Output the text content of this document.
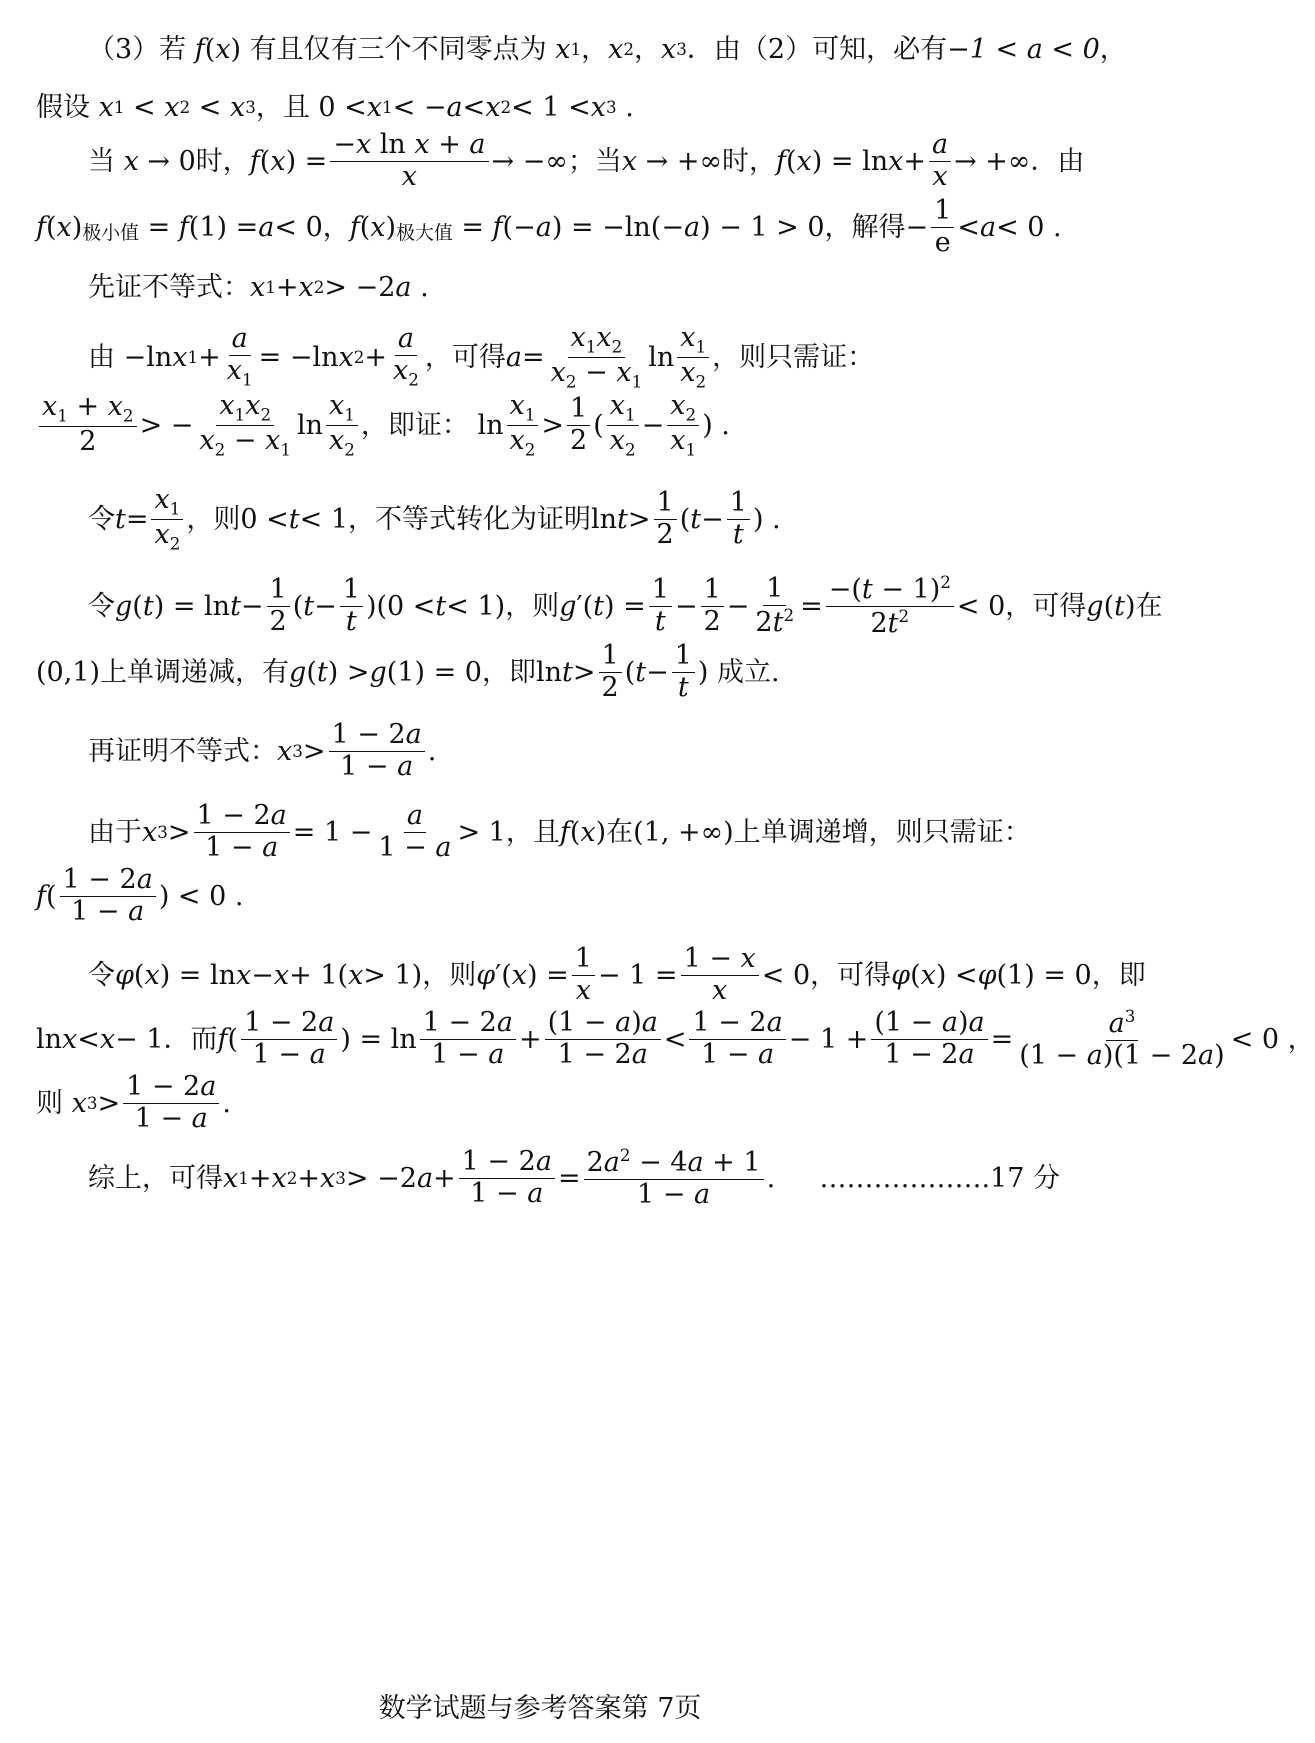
（3）若 f ( x ) 有且仅有三个不同零点为 x 1 ， x 2 ， x 3 ．由（2）可知，必有 −1 < a < 0 ，
假设 x 1 < x 2 < x 3 ，且 0 < x 1 < − a < x 2 < 1 < x 3 .
当 x → 0 时， f ( x ) = $\frac{\text{−x ln x + a}}{x}$ → −∞ ；当 x → +∞ 时， f ( x ) = $\ln x + \frac{a}{x}$ → +∞ ．由
f ( x ) 极小值 = f (1) = a < 0， f ( x ) 极大值 = f (− a ) = −ln(− a ) − 1 > 0 ，解得 − $\frac{1}{e} < a < 0$ .
先证不等式： x 1 + x 2 > −2 a .
由 −ln x $1 + \frac{a}{x_1} = -\ln$ x $2 + \frac{a}{x_2}$ ，可得 $a = \frac{x_1x_2}{x_2 - x_1}$ $\ln \frac{x_1}{x_2}$ ，则只需证：
$\frac{x_1 + x_2}{2}$ > − $\frac{x_1x_2}{x_2 - x_1}$ $\ln \frac{x_1}{x_2}$ ，即证： $\ln \frac{x_1}{x_2} > \frac{1}{2}$ ( $\frac{x_1}{x_2} - \frac{x_2}{x_1}$ ) .
令 $t = \frac{x_1}{x_2}$ ，则 0 < t < 1 ，不等式转化为证明 $\ln t > \frac{1}{2}$ ( $t - \frac{1}{t}$ ) .
令 g ( t ) = $\ln t - \frac{1}{2}$ ( $t - \frac{1}{t} )(0 < t < 1)$ ，则 g ′( t ) = $\frac{1}{t} - \frac{1}{2} - \frac{1}{2t^2} = \frac{-(t - 1)^2}{2t^2} < 0$ ，可得 g ( t ) 在
(0,1) 上单调递减，有 g ( t ) > g (1) = 0 ，即 $\ln t > \frac{1}{2}$ ( $t - \frac{1}{t}$ ) 成立.
再证明不等式： x $3 > \frac{1 - 2a}{1 - a}$ .
由于 x $3 > \frac{1 - 2a}{1 - a} = 1 - \frac{a}{1 - a} > 1$ ，且 f ( x ) 在 (1, +∞) 上单调递增，则只需证：
f ( $\frac{1 - 2a}{1 - a}$ ) < 0 .
令 φ ( x ) = ln x − x + 1( x > 1) ，则 φ ′( x ) = $\frac{1}{x} - 1 = \frac{1 - x}{x} < 0$ ，可得 φ ( x ) < φ (1) = 0 ，即
ln x < x − 1 ．而 f ( $\frac{1 - 2a}{1 - a}$ ) = $\ln \frac{1 - 2a}{1 - a} + \frac{(1 - a)a}{1 - 2a} < \frac{1 - 2a}{1 - a} - 1 + \frac{(1 - a)a}{1 - 2a} = \frac{a^3}{(1 - a)(1 - 2a)} < 0$ ，
则 x $3 > \frac{1 - 2a}{1 - a}$ .
综上，可得 x 1 + x 2 + x 3 > −2 $a + \frac{1 - 2a}{1 - a} = \frac{2a^2 - 4a + 1}{1 - a}$ . ……………….17 分
数学试题与参考答案第 7页
